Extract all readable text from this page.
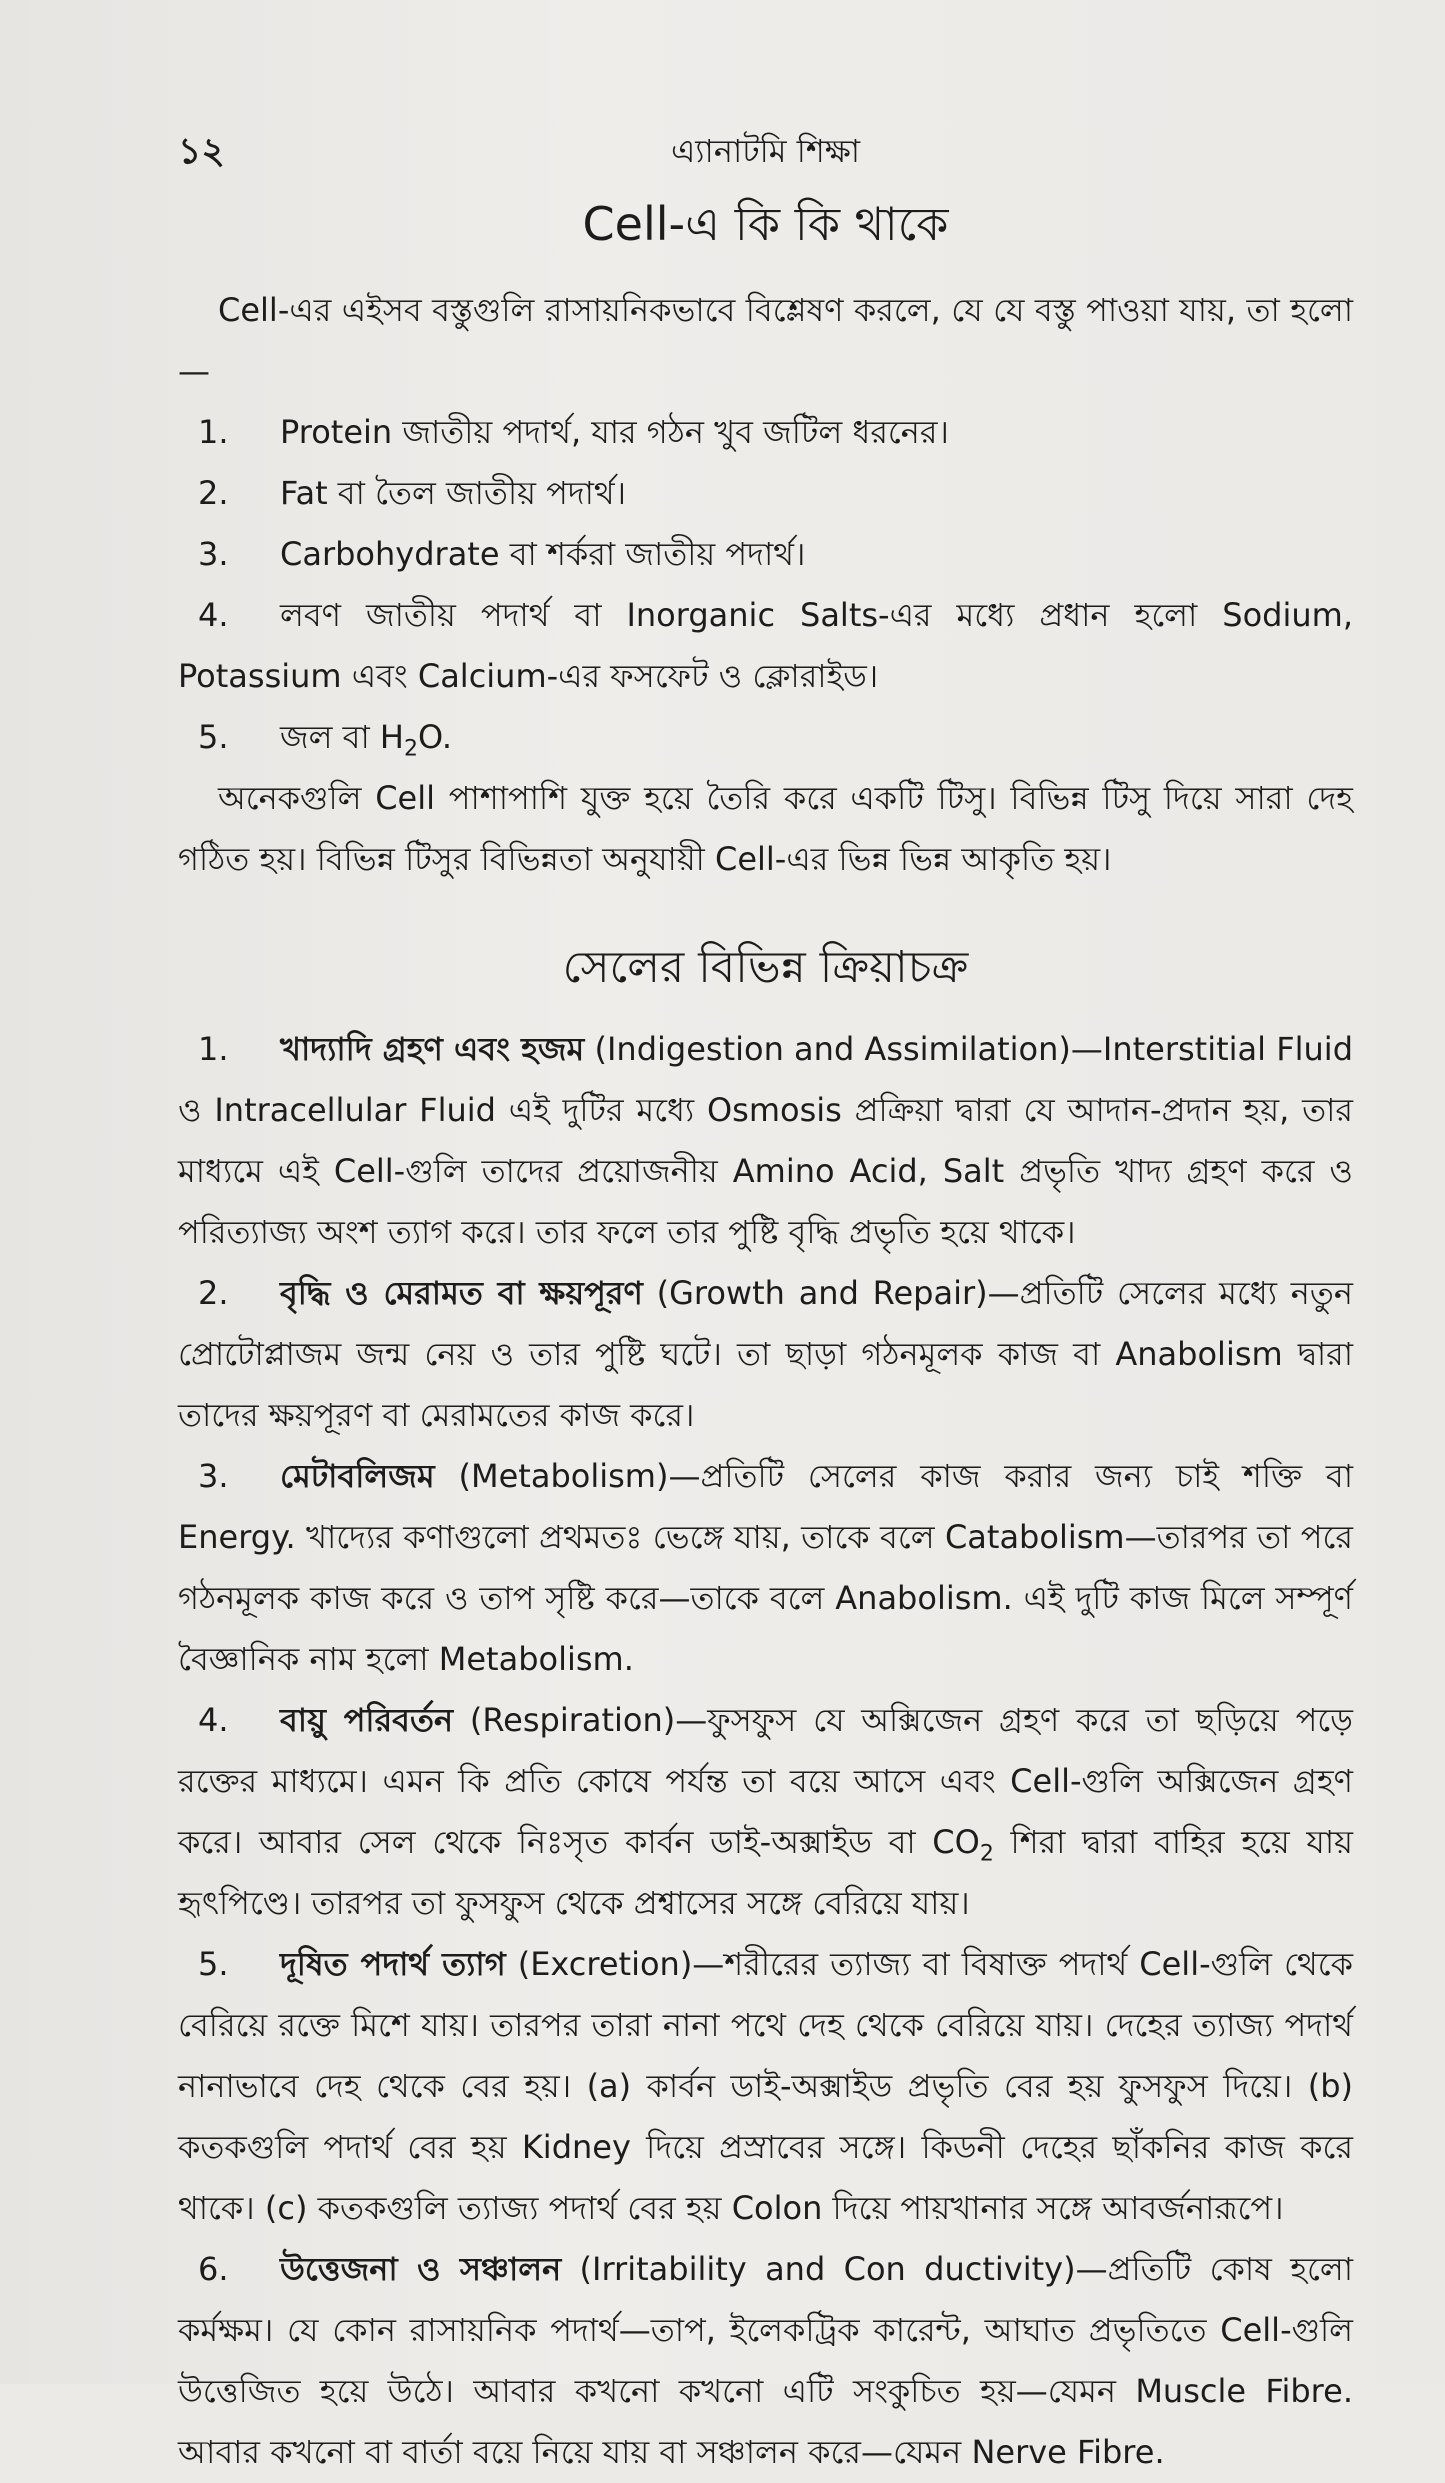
১২	এ্যানাটমি শিক্ষা
Cell-এ কি কি থাকে

Cell-এর এইসব বস্তুগুলি রাসায়নিকভাবে বিশ্লেষণ করলে, যে যে বস্তু পাওয়া যায়, তা হলো—

1. Protein জাতীয় পদার্থ, যার গঠন খুব জটিল ধরনের।

2. Fat বা তৈল জাতীয় পদার্থ।

3. Carbohydrate বা শর্করা জাতীয় পদার্থ।

4. লবণ জাতীয় পদার্থ বা Inorganic Salts-এর মধ্যে প্রধান হলো Sodium, Potassium এবং Calcium-এর ফসফেট ও ক্লোরাইড।

5. জল বা $H_2O$.

অনেকগুলি Cell পাশাপাশি যুক্ত হয়ে তৈরি করে একটি টিসু। বিভিন্ন টিসু দিয়ে সারা দেহ গঠিত হয়। বিভিন্ন টিসুর বিভিন্নতা অনুযায়ী Cell-এর ভিন্ন ভিন্ন আকৃতি হয়।

সেলের বিভিন্ন ক্রিয়াচক্র

1. খাদ্যাদি গ্রহণ এবং হজম (Indigestion and Assimilation)—Interstitial Fluid ও Intracellular Fluid এই দুটির মধ্যে Osmosis প্রক্রিয়া দ্বারা যে আদান-প্রদান হয়, তার মাধ্যমে এই Cell-গুলি তাদের প্রয়োজনীয় Amino Acid, Salt প্রভৃতি খাদ্য গ্রহণ করে ও পরিত্যাজ্য অংশ ত্যাগ করে। তার ফলে তার পুষ্টি বৃদ্ধি প্রভৃতি হয়ে থাকে।

2. বৃদ্ধি ও মেরামত বা ক্ষয়পূরণ (Growth and Repair)—প্রতিটি সেলের মধ্যে নতুন প্রোটোপ্লাজম জন্ম নেয় ও তার পুষ্টি ঘটে। তা ছাড়া গঠনমূলক কাজ বা Anabolism দ্বারা তাদের ক্ষয়পূরণ বা মেরামতের কাজ করে।

3. মেটাবলিজম (Metabolism)—প্রতিটি সেলের কাজ করার জন্য চাই শক্তি বা Energy. খাদ্যের কণাগুলো প্রথমতঃ ভেঙ্গে যায়, তাকে বলে Catabolism—তারপর তা পরে গঠনমূলক কাজ করে ও তাপ সৃষ্টি করে—তাকে বলে Anabolism. এই দুটি কাজ মিলে সম্পূর্ণ বৈজ্ঞানিক নাম হলো Metabolism.

4. বায়ু পরিবর্তন (Respiration)—ফুসফুস যে অক্সিজেন গ্রহণ করে তা ছড়িয়ে পড়ে রক্তের মাধ্যমে। এমন কি প্রতি কোষে পর্যন্ত তা বয়ে আসে এবং Cell-গুলি অক্সিজেন গ্রহণ করে। আবার সেল থেকে নিঃসৃত কার্বন ডাই-অক্সাইড বা $CO_2$ শিরা দ্বারা বাহির হয়ে যায় হৃৎপিণ্ডে। তারপর তা ফুসফুস থেকে প্রশ্বাসের সঙ্গে বেরিয়ে যায়।

5. দূষিত পদার্থ ত্যাগ (Excretion)—শরীরের ত্যাজ্য বা বিষাক্ত পদার্থ Cell-গুলি থেকে বেরিয়ে রক্তে মিশে যায়। তারপর তারা নানা পথে দেহ থেকে বেরিয়ে যায়। দেহের ত্যাজ্য পদার্থ নানাভাবে দেহ থেকে বের হয়। (a) কার্বন ডাই-অক্সাইড প্রভৃতি বের হয় ফুসফুস দিয়ে। (b) কতকগুলি পদার্থ বের হয় Kidney দিয়ে প্রস্রাবের সঙ্গে। কিডনী দেহের ছাঁকনির কাজ করে থাকে। (c) কতকগুলি ত্যাজ্য পদার্থ বের হয় Colon দিয়ে পায়খানার সঙ্গে আবর্জনারূপে।

6. উত্তেজনা ও সঞ্চালন (Irritability and Con ductivity)—প্রতিটি কোষ হলো কর্মক্ষম। যে কোন রাসায়নিক পদার্থ—তাপ, ইলেকট্রিক কারেন্ট, আঘাত প্রভৃতিতে Cell-গুলি উত্তেজিত হয়ে উঠে। আবার কখনো কখনো এটি সংকুচিত হয়—যেমন Muscle Fibre. আবার কখনো বা বার্তা বয়ে নিয়ে যায় বা সঞ্চালন করে—যেমন Nerve Fibre.
